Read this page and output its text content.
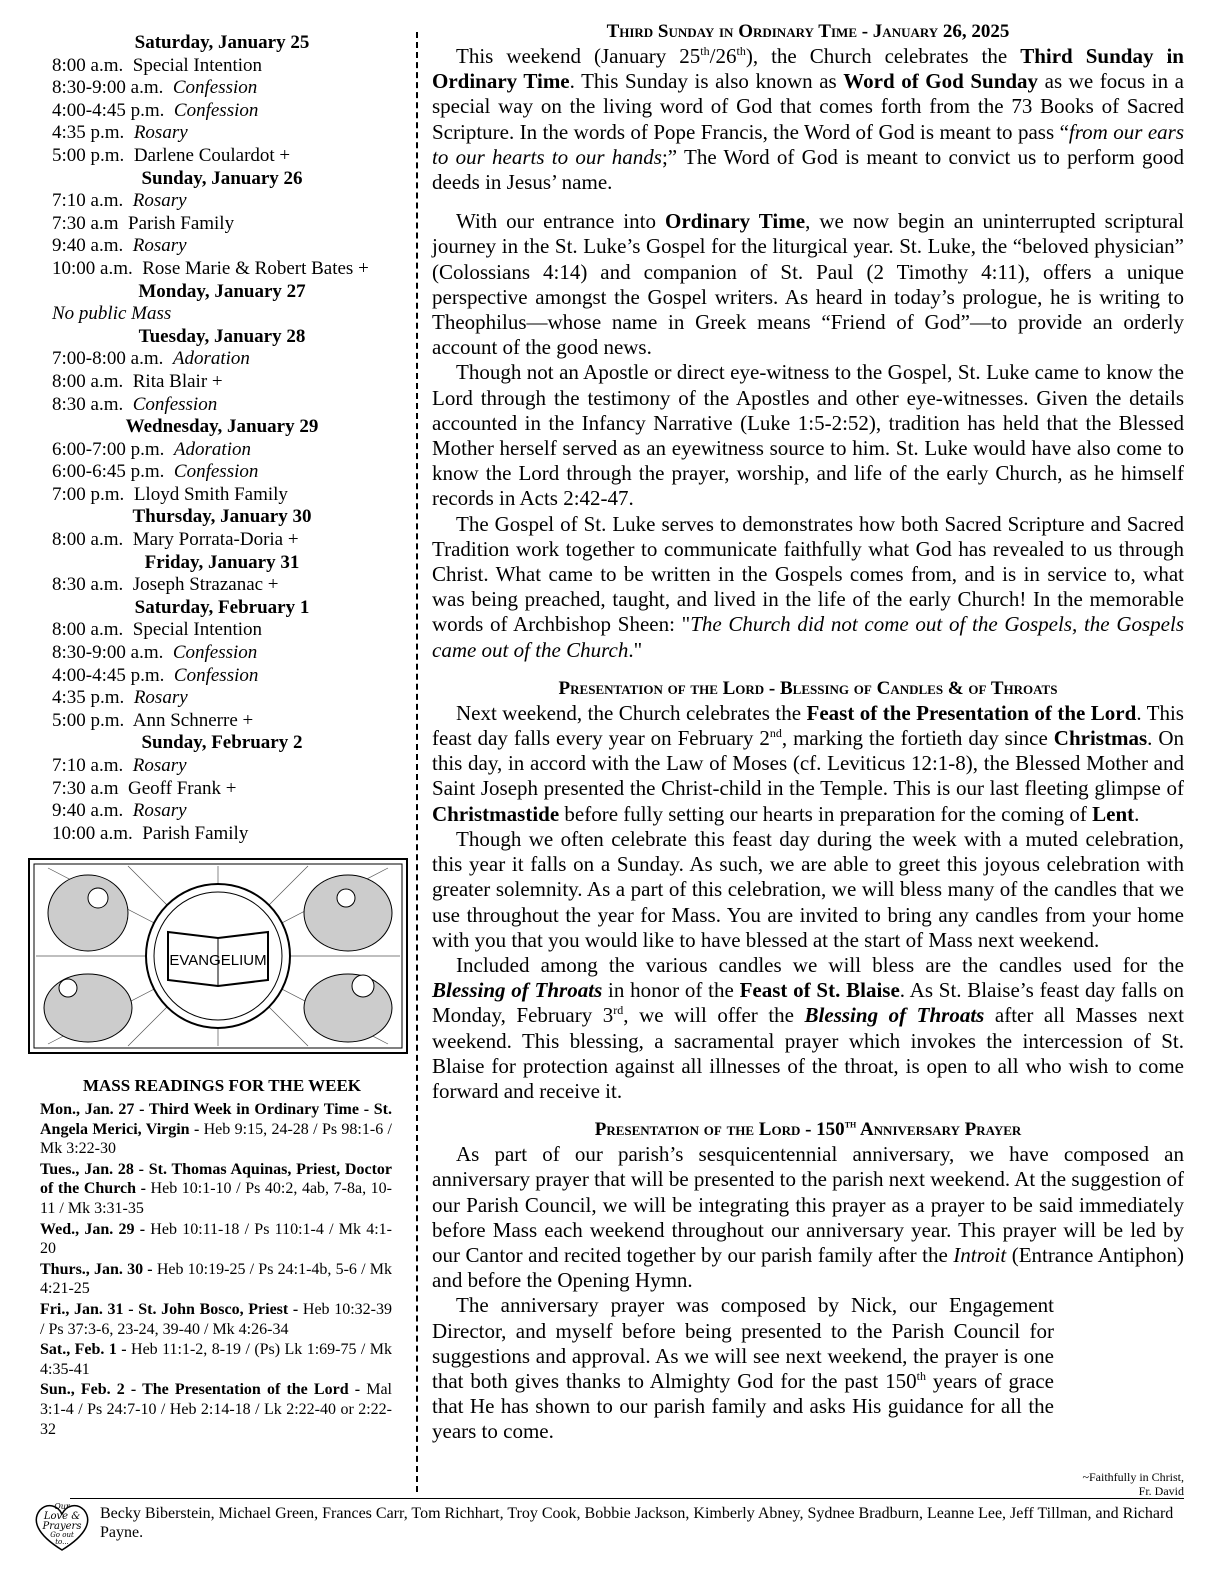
Saturday, January 25
8:00 a.m. Special Intention
8:30-9:00 a.m. Confession
4:00-4:45 p.m. Confession
4:35 p.m. Rosary
5:00 p.m. Darlene Coulardot +
Sunday, January 26
7:10 a.m. Rosary
7:30 a.m Parish Family
9:40 a.m. Rosary
10:00 a.m. Rose Marie & Robert Bates +
Monday, January 27
No public Mass
Tuesday, January 28
7:00-8:00 a.m. Adoration
8:00 a.m. Rita Blair +
8:30 a.m. Confession
Wednesday, January 29
6:00-7:00 p.m. Adoration
6:00-6:45 p.m. Confession
7:00 p.m. Lloyd Smith Family
Thursday, January 30
8:00 a.m. Mary Porrata-Doria +
Friday, January 31
8:30 a.m. Joseph Strazanac +
Saturday, February 1
8:00 a.m. Special Intention
8:30-9:00 a.m. Confession
4:00-4:45 p.m. Confession
4:35 p.m. Rosary
5:00 p.m. Ann Schnerre +
Sunday, February 2
7:10 a.m. Rosary
7:30 a.m Geoff Frank +
9:40 a.m. Rosary
10:00 a.m. Parish Family
EVANGELIUM
MASS READINGS FOR THE WEEK

Mon., Jan. 27 - Third Week in Ordinary Time - St. Angela Merici, Virgin - Heb 9:15, 24-28 / Ps 98:1-6 / Mk 3:22-30

Tues., Jan. 28 - St. Thomas Aquinas, Priest, Doctor of the Church - Heb 10:1-10 / Ps 40:2, 4ab, 7-8a, 10-11 / Mk 3:31-35

Wed., Jan. 29 - Heb 10:11-18 / Ps 110:1-4 / Mk 4:1-20

Thurs., Jan. 30 - Heb 10:19-25 / Ps 24:1-4b, 5-6 / Mk 4:21-25

Fri., Jan. 31 - St. John Bosco, Priest - Heb 10:32-39 / Ps 37:3-6, 23-24, 39-40 / Mk 4:26-34

Sat., Feb. 1 - Heb 11:1-2, 8-19 / (Ps) Lk 1:69-75 / Mk 4:35-41

Sun., Feb. 2 - The Presentation of the Lord - Mal 3:1-4 / Ps 24:7-10 / Heb 2:14-18 / Lk 2:22-40 or 2:22-32

Third Sunday in Ordinary Time - January 26, 2025

This weekend (January 25th/26th), the Church celebrates the Third Sunday in Ordinary Time. This Sunday is also known as Word of God Sunday as we focus in a special way on the living word of God that comes forth from the 73 Books of Sacred Scripture. In the words of Pope Francis, the Word of God is meant to pass “from our ears to our hearts to our hands;” The Word of God is meant to convict us to perform good deeds in Jesus’ name.

With our entrance into Ordinary Time, we now begin an uninterrupted scriptural journey in the St. Luke’s Gospel for the liturgical year. St. Luke, the “beloved physician” (Colossians 4:14) and companion of St. Paul (2 Timothy 4:11), offers a unique perspective amongst the Gospel writers. As heard in today’s prologue, he is writing to Theophilus—whose name in Greek means “Friend of God”—to provide an orderly account of the good news.

Though not an Apostle or direct eye-witness to the Gospel, St. Luke came to know the Lord through the testimony of the Apostles and other eye-witnesses. Given the details accounted in the Infancy Narrative (Luke 1:5-2:52), tradition has held that the Blessed Mother herself served as an eyewitness source to him. St. Luke would have also come to know the Lord through the prayer, worship, and life of the early Church, as he himself records in Acts 2:42-47.

The Gospel of St. Luke serves to demonstrates how both Sacred Scripture and Sacred Tradition work together to communicate faithfully what God has revealed to us through Christ. What came to be written in the Gospels comes from, and is in service to, what was being preached, taught, and lived in the life of the early Church! In the memorable words of Archbishop Sheen: "The Church did not come out of the Gospels, the Gospels came out of the Church."

Presentation of the Lord - Blessing of Candles & of Throats

Next weekend, the Church celebrates the Feast of the Presentation of the Lord. This feast day falls every year on February 2nd, marking the fortieth day since Christmas. On this day, in accord with the Law of Moses (cf. Leviticus 12:1-8), the Blessed Mother and Saint Joseph presented the Christ-child in the Temple. This is our last fleeting glimpse of Christmastide before fully setting our hearts in preparation for the coming of Lent.

Though we often celebrate this feast day during the week with a muted celebration, this year it falls on a Sunday. As such, we are able to greet this joyous celebration with greater solemnity. As a part of this celebration, we will bless many of the candles that we use throughout the year for Mass. You are invited to bring any candles from your home with you that you would like to have blessed at the start of Mass next weekend.

Included among the various candles we will bless are the candles used for the Blessing of Throats in honor of the Feast of St. Blaise. As St. Blaise’s feast day falls on Monday, February 3rd, we will offer the Blessing of Throats after all Masses next weekend. This blessing, a sacramental prayer which invokes the intercession of St. Blaise for protection against all illnesses of the throat, is open to all who wish to come forward and receive it.

Presentation of the Lord - 150th Anniversary Prayer

As part of our parish’s sesquicentennial anniversary, we have composed an anniversary prayer that will be presented to the parish next weekend. At the suggestion of our Parish Council, we will be integrating this prayer as a prayer to be said immediately before Mass each weekend throughout our anniversary year. This prayer will be led by our Cantor and recited together by our parish family after the Introit (Entrance Antiphon) and before the Opening Hymn.

The anniversary prayer was composed by Nick, our Engagement Director, and myself before being presented to the Parish Council for suggestions and approval. As we will see next weekend, the prayer is one that both gives thanks to Almighty God for the past 150th years of grace that He has shown to our parish family and asks His guidance for all the years to come.

~Faithfully in Christ,
Fr. David
Our
Love &
Prayers
Go out
to...
Becky Biberstein, Michael Green, Frances Carr, Tom Richhart, Troy Cook, Bobbie Jackson, Kimberly Abney, Sydnee Bradburn, Leanne Lee, Jeff Tillman, and Richard Payne.
